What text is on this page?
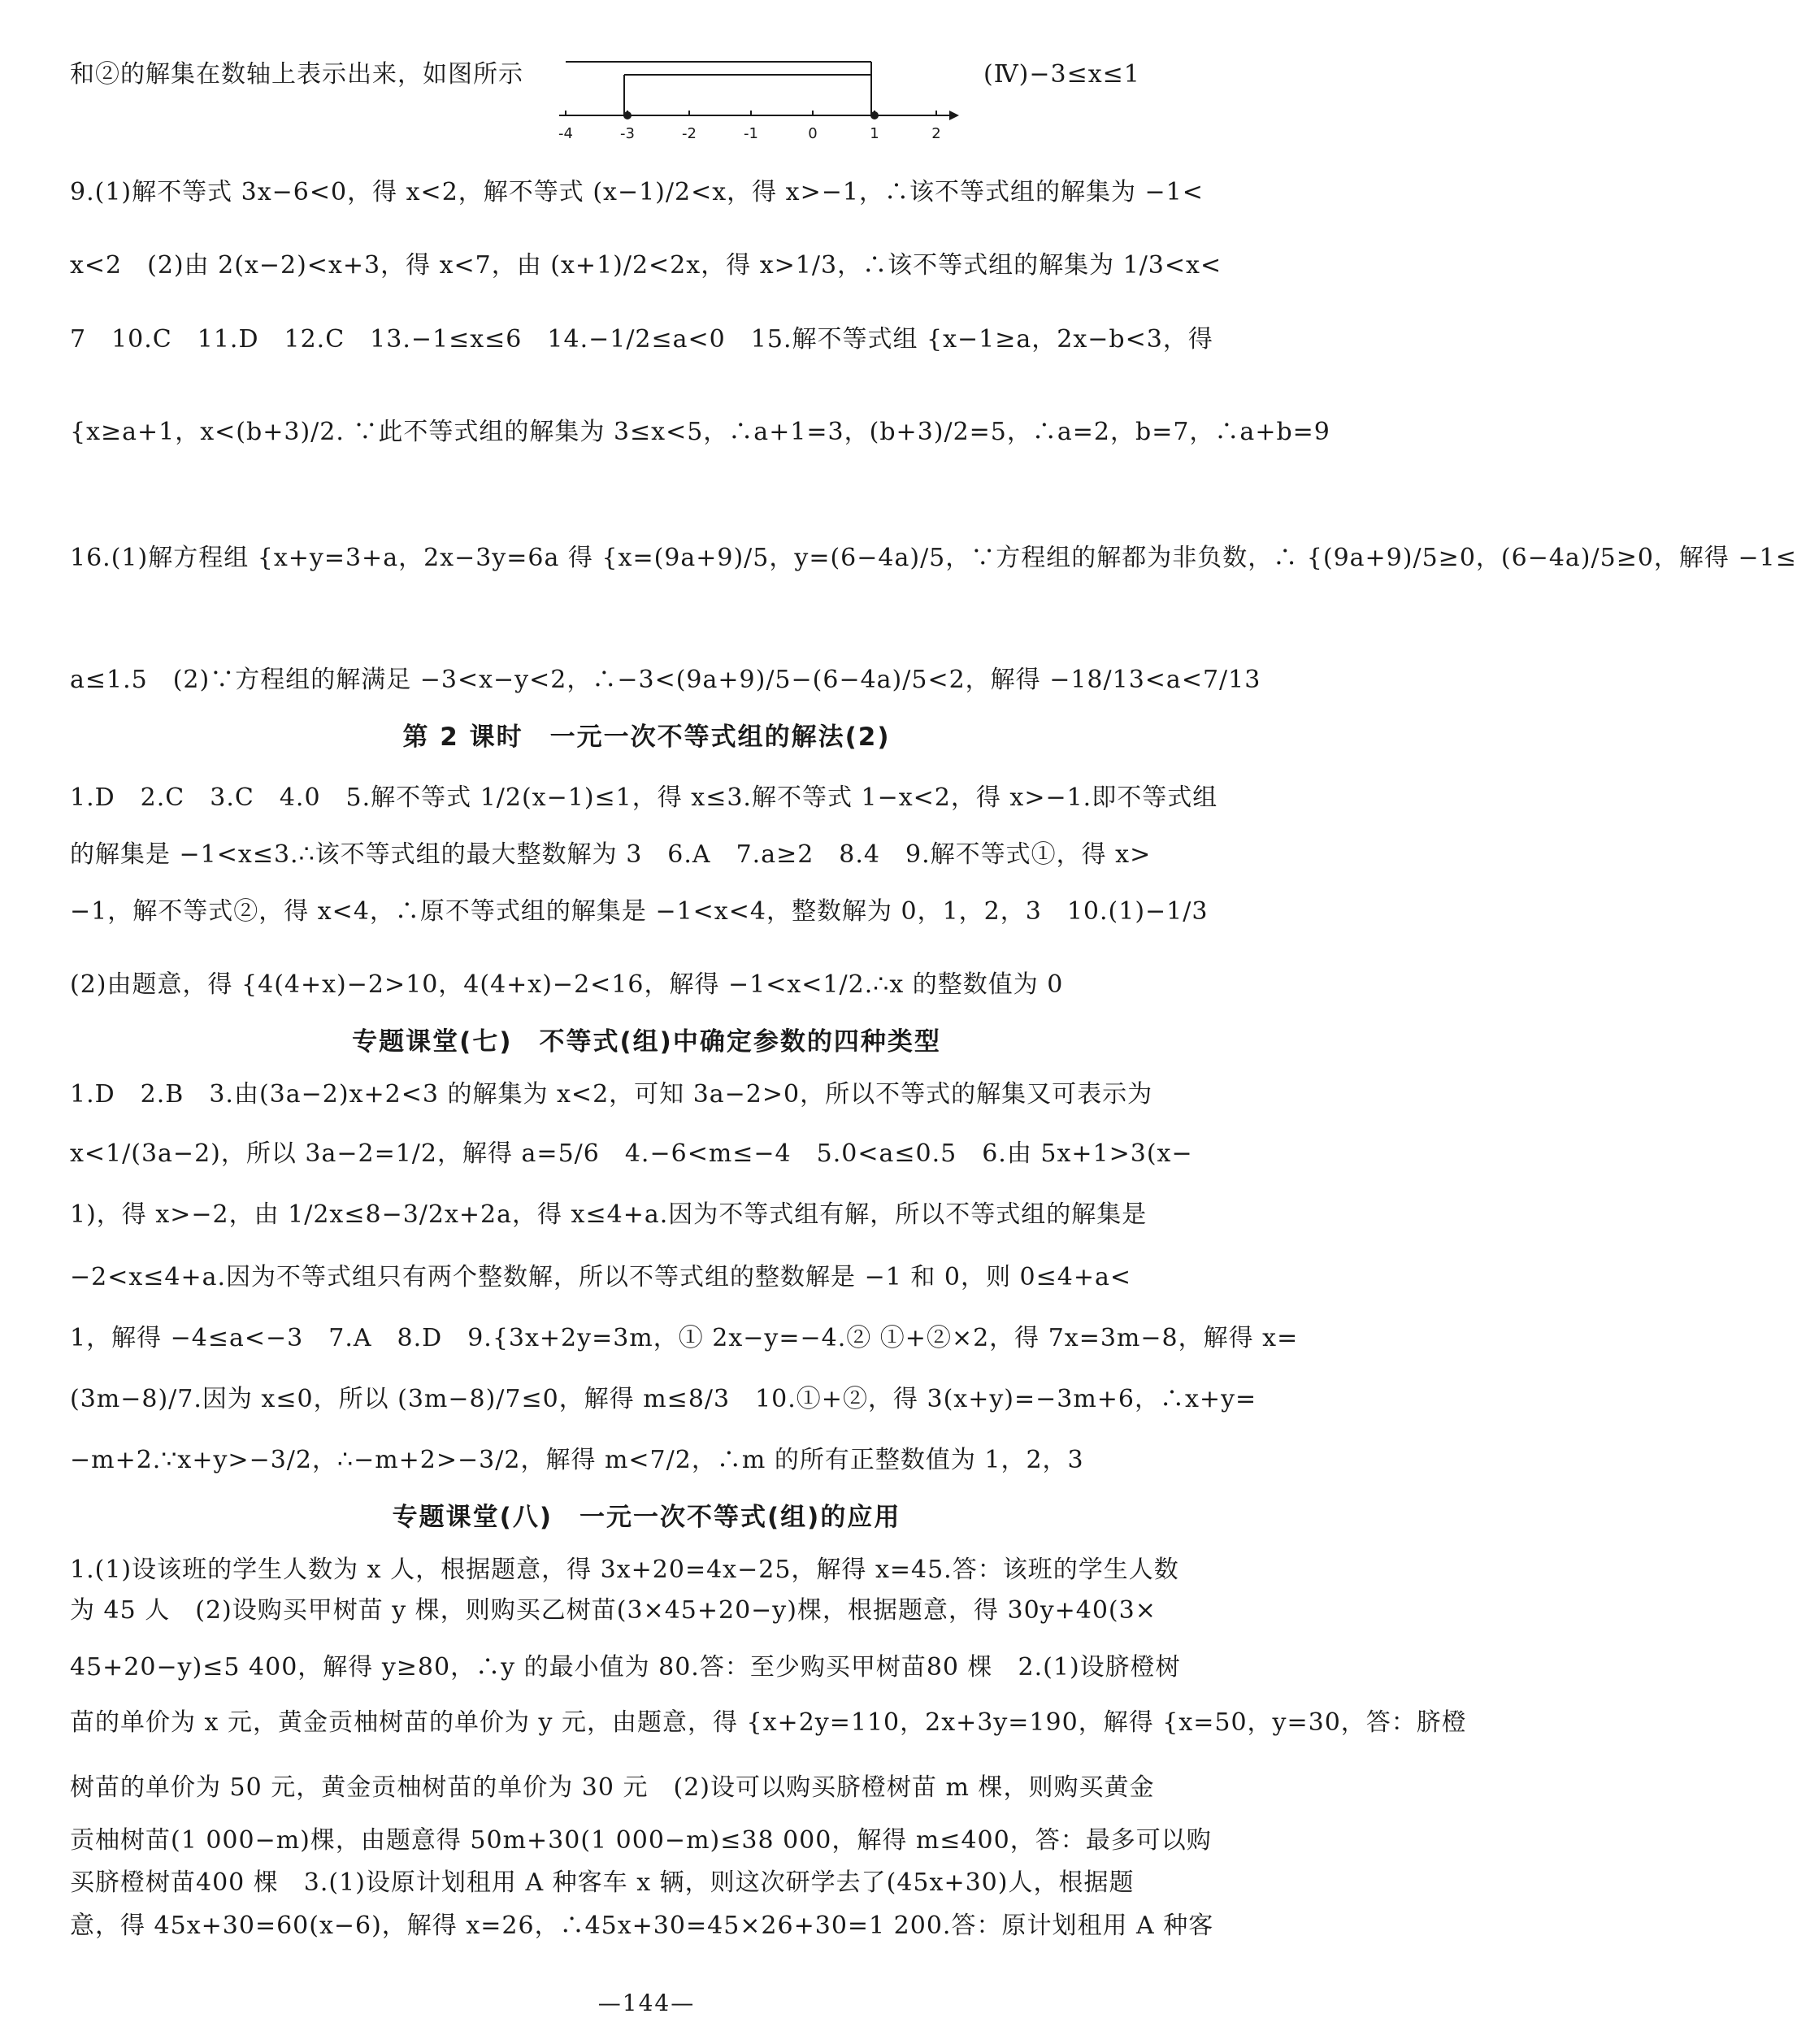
和②的解集在数轴上表示出来，如图所示
-4	-3	-2	-1	0	1	2
(Ⅳ)−3≤x≤1
9.(1)解不等式 3x−6<0，得 x<2，解不等式 (x−1)/2<x，得 x>−1，∴该不等式组的解集为 −1<
x<2　(2)由 2(x−2)<x+3，得 x<7，由 (x+1)/2<2x，得 x>1/3，∴该不等式组的解集为 1/3<x<
7　10.C　11.D　12.C　13.−1≤x≤6　14.−1/2≤a<0　15.解不等式组 {x−1≥a，2x−b<3，得
{x≥a+1，x<(b+3)/2. ∵此不等式组的解集为 3≤x<5，∴a+1=3，(b+3)/2=5，∴a=2，b=7，∴a+b=9
16.(1)解方程组 {x+y=3+a，2x−3y=6a 得 {x=(9a+9)/5，y=(6−4a)/5，∵方程组的解都为非负数，∴ {(9a+9)/5≥0，(6−4a)/5≥0，解得 −1≤
a≤1.5　(2)∵方程组的解满足 −3<x−y<2，∴−3<(9a+9)/5−(6−4a)/5<2，解得 −18/13<a<7/13
第 2 课时　一元一次不等式组的解法(2)
1.D　2.C　3.C　4.0　5.解不等式 1/2(x−1)≤1，得 x≤3.解不等式 1−x<2，得 x>−1.即不等式组
的解集是 −1<x≤3.∴该不等式组的最大整数解为 3　6.A　7.a≥2　8.4　9.解不等式①，得 x>
−1，解不等式②，得 x<4，∴原不等式组的解集是 −1<x<4，整数解为 0，1，2，3　10.(1)−1/3
(2)由题意，得 {4(4+x)−2>10，4(4+x)−2<16，解得 −1<x<1/2.∴x 的整数值为 0
专题课堂(七)　不等式(组)中确定参数的四种类型
1.D　2.B　3.由(3a−2)x+2<3 的解集为 x<2，可知 3a−2>0，所以不等式的解集又可表示为
x<1/(3a−2)，所以 3a−2=1/2，解得 a=5/6　4.−6<m≤−4　5.0<a≤0.5　6.由 5x+1>3(x−
1)，得 x>−2，由 1/2x≤8−3/2x+2a，得 x≤4+a.因为不等式组有解，所以不等式组的解集是
−2<x≤4+a.因为不等式组只有两个整数解，所以不等式组的整数解是 −1 和 0，则 0≤4+a<
1，解得 −4≤a<−3　7.A　8.D　9.{3x+2y=3m，① 2x−y=−4.② ①+②×2，得 7x=3m−8，解得 x=
(3m−8)/7.因为 x≤0，所以 (3m−8)/7≤0，解得 m≤8/3　10.①+②，得 3(x+y)=−3m+6，∴x+y=
−m+2.∵x+y>−3/2，∴−m+2>−3/2，解得 m<7/2，∴m 的所有正整数值为 1，2，3
专题课堂(八)　一元一次不等式(组)的应用
1.(1)设该班的学生人数为 x 人，根据题意，得 3x+20=4x−25，解得 x=45.答：该班的学生人数
为 45 人　(2)设购买甲树苗 y 棵，则购买乙树苗(3×45+20−y)棵，根据题意，得 30y+40(3×
45+20−y)≤5 400，解得 y≥80，∴y 的最小值为 80.答：至少购买甲树苗80 棵　2.(1)设脐橙树
苗的单价为 x 元，黄金贡柚树苗的单价为 y 元，由题意，得 {x+2y=110，2x+3y=190，解得 {x=50，y=30，答：脐橙
树苗的单价为 50 元，黄金贡柚树苗的单价为 30 元　(2)设可以购买脐橙树苗 m 棵，则购买黄金
贡柚树苗(1 000−m)棵，由题意得 50m+30(1 000−m)≤38 000，解得 m≤400，答：最多可以购
买脐橙树苗400 棵　3.(1)设原计划租用 A 种客车 x 辆，则这次研学去了(45x+30)人，根据题
意，得 45x+30=60(x−6)，解得 x=26，∴45x+30=45×26+30=1 200.答：原计划租用 A 种客
—144—
